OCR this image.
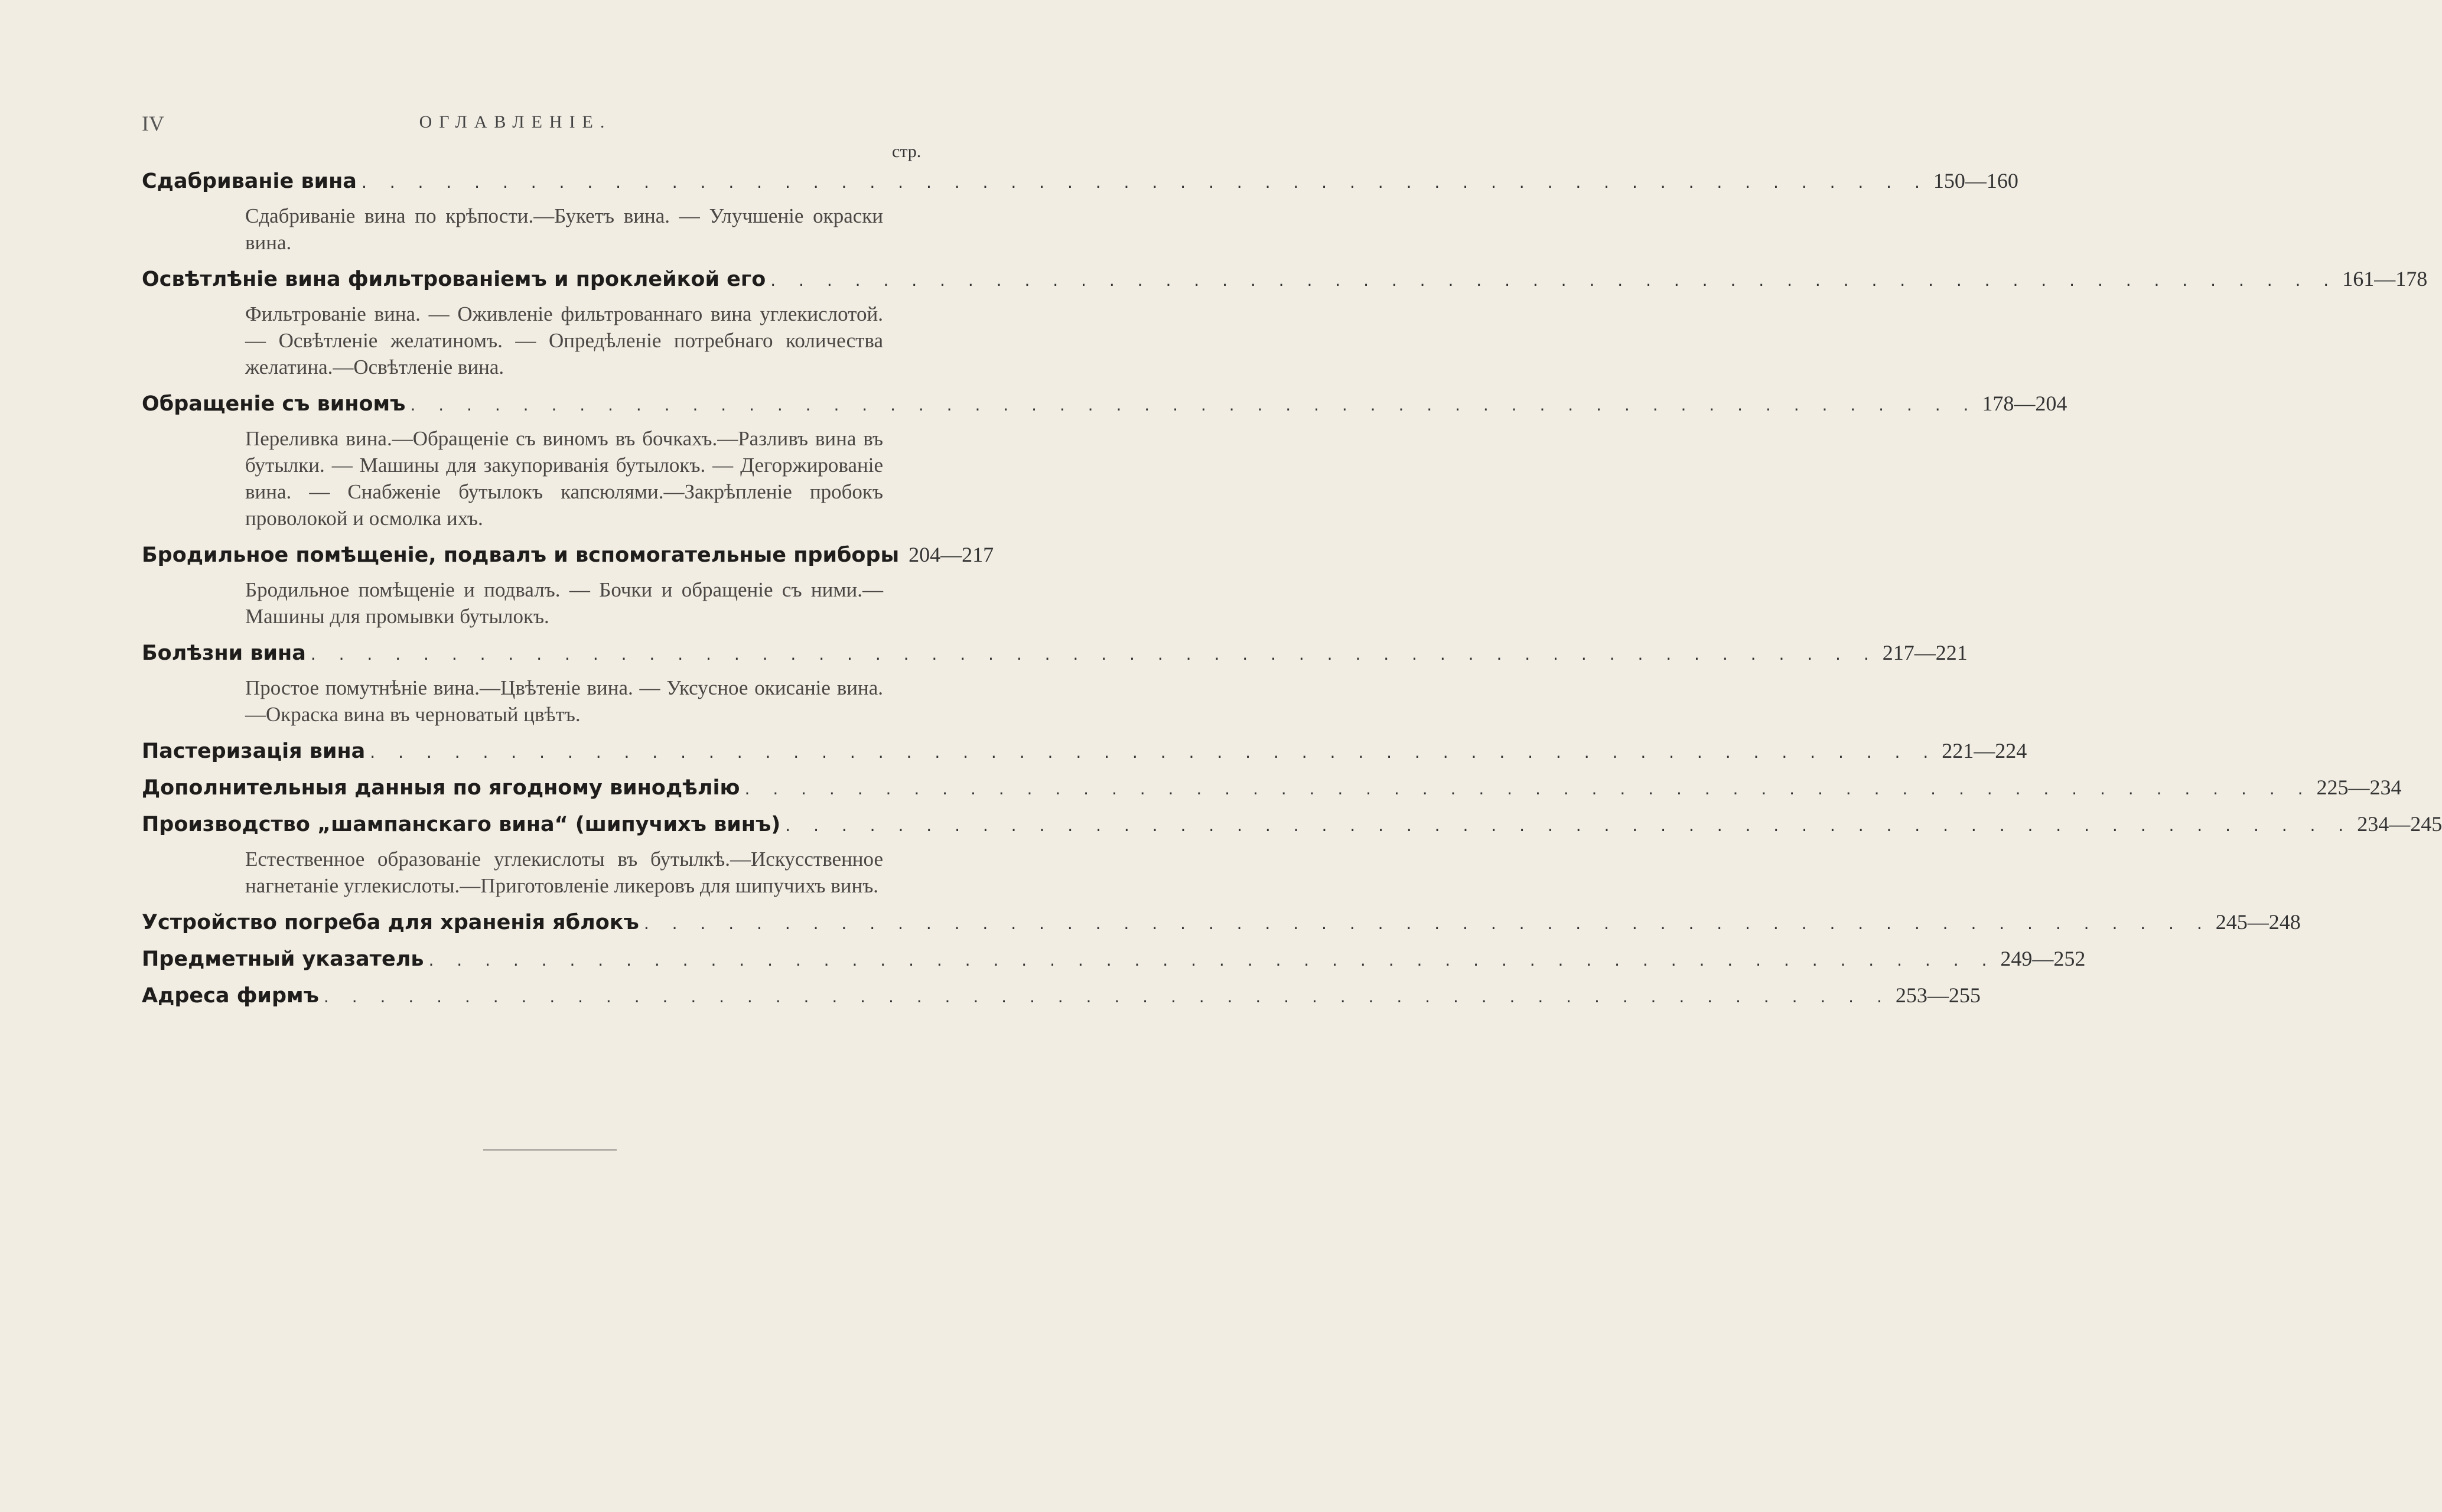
IV	ОГЛАВЛЕНІЕ.
стр.
Сдабриваніе вина . . . . . . . . . . . . . . . . . . . . . . . . . . . . . . . . . . . . . . . . . . . . . . . . . . . . . . . . 150—160
Сдабриваніе вина по крѣпости.—Букетъ вина. — Улучшеніе окраски вина.
Освѣтлѣніе вина фильтрованіемъ и проклейкой его . . . . . . . . . . . . . . . . . . . . . . . . . . . . . . . . . . . . . . . . . . . . . . . . . . . . . . . . 161—178
Фильтрованіе вина. — Оживленіе фильтрованнаго вина углекислотой. — Освѣтленіе желатиномъ. — Опредѣленіе потребнаго количества желатина.—Освѣтленіе вина.
Обращеніе съ виномъ . . . . . . . . . . . . . . . . . . . . . . . . . . . . . . . . . . . . . . . . . . . . . . . . . . . . . . . . 178—204
Переливка вина.—Обращеніе съ виномъ въ бочкахъ.—Разливъ вина въ бутылки. — Машины для закупориванія бутылокъ. — Дегоржированіе вина. — Снабженіе бутылокъ капсюлями.—Закрѣпленіе пробокъ проволокой и осмолка ихъ.
Бродильное помѣщеніе, подвалъ и вспомогательные приборы 204—217
Бродильное помѣщеніе и подвалъ. — Бочки и обращеніе съ ними.—Машины для промывки бутылокъ.
Болѣзни вина . . . . . . . . . . . . . . . . . . . . . . . . . . . . . . . . . . . . . . . . . . . . . . . . . . . . . . . . 217—221
Простое помутнѣніе вина.—Цвѣтеніе вина. — Уксусное окисаніе вина.—Окраска вина въ черноватый цвѣтъ.
Пастеризація вина . . . . . . . . . . . . . . . . . . . . . . . . . . . . . . . . . . . . . . . . . . . . . . . . . . . . . . . . 221—224
Дополнительныя данныя по ягодному винодѣлію . . . . . . . . . . . . . . . . . . . . . . . . . . . . . . . . . . . . . . . . . . . . . . . . . . . . . . . . 225—234
Производство „шампанскаго вина“ (шипучихъ винъ) . . . . . . . . . . . . . . . . . . . . . . . . . . . . . . . . . . . . . . . . . . . . . . . . . . . . . . . . 234—245
Естественное образованіе углекислоты въ бутылкѣ.—Искусственное нагнетаніе углекислоты.—Приготовленіе ликеровъ для шипучихъ винъ.
Устройство погреба для храненія яблокъ . . . . . . . . . . . . . . . . . . . . . . . . . . . . . . . . . . . . . . . . . . . . . . . . . . . . . . . . 245—248
Предметный указатель . . . . . . . . . . . . . . . . . . . . . . . . . . . . . . . . . . . . . . . . . . . . . . . . . . . . . . . . 249—252
Адреса фирмъ . . . . . . . . . . . . . . . . . . . . . . . . . . . . . . . . . . . . . . . . . . . . . . . . . . . . . . . . 253—255
